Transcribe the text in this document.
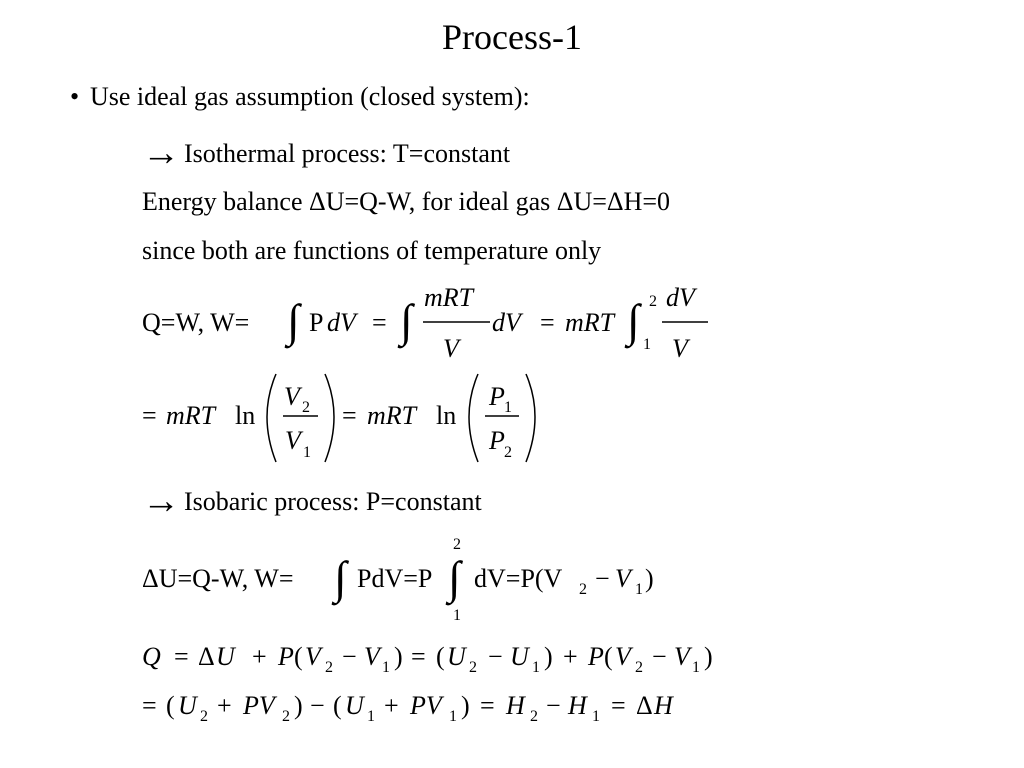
Process-1
• Use ideal gas assumption (closed system):
→ Isothermal process: T=constant
Energy balance ΔU=Q-W, for ideal gas ΔU=ΔH=0
since both are functions of temperature only
Q=W, W= ∫ P dV = ∫ mRT
V
dV = mRT ∫ 2
1
dV
V
= mRT ln
V 2
V 1
= mRT ln
P 1
P 2
→ Isobaric process: P=constant
ΔU=Q-W, W= ∫ PdV=P ∫
2
1
dV=P(V 2 − V 1 )
Q = Δ U + P ( V 2 − V 1 ) = ( U 2 − U 1 ) + P ( V 2 − V 1 )
= ( U 2 + PV 2 ) − ( U 1 + PV 1 ) = H 2 − H 1 = Δ H
